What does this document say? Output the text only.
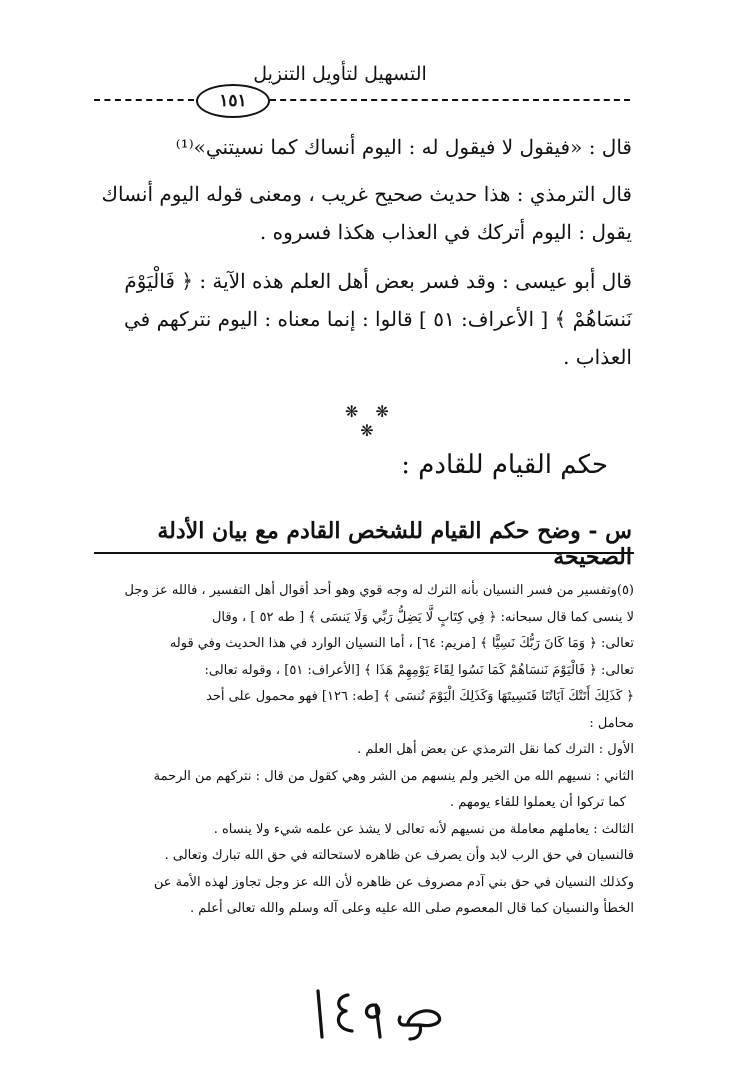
التسهيل لتأويل التنزيل
١٥١
قال : «فيقول لا فيقول له : اليوم أنساك كما نسيتني»⁽¹⁾
قال الترمذي : هذا حديث صحيح غريب ، ومعنى قوله اليوم أنساك يقول : اليوم أتركك في العذاب هكذا فسروه .
قال أبو عيسى : وقد فسر بعض أهل العلم هذه الآية : ﴿ فَالْيَوْمَ نَنسَاهُمْ ﴾ [ الأعراف: ٥١ ] قالوا : إنما معناه : اليوم نتركهم في العذاب .
❋ ❋ ❋
حكم القيام للقادم :
س - وضح حكم القيام للشخص القادم مع بيان الأدلة الصحيحة
(٥)وتفسير من فسر النسيان بأنه الترك له وجه قوي وهو أحد أقوال أهل التفسير ، فالله عز وجل
لا ينسى كما قال سبحانه: ﴿ فِي كِتَابٍ لَّا يَضِلُّ رَبِّي وَلَا يَنسَى ﴾ [ طه ٥٢ ] ، وقال
تعالى: ﴿ وَمَا كَانَ رَبُّكَ نَسِيًّا ﴾ [مريم: ٦٤] ، أما النسيان الوارد في هذا الحديث وفي قوله
تعالى: ﴿ فَالْيَوْمَ نَنسَاهُمْ كَمَا نَسُوا لِقَاءَ يَوْمِهِمْ هَذَا ﴾ [الأعراف: ٥١] ، وقوله تعالى:
﴿ كَذَلِكَ أَتَتْكَ آيَاتُنَا فَنَسِيتَهَا وَكَذَلِكَ الْيَوْمَ تُنسَى ﴾ [طه: ١٢٦] فهو محمول على أحد
محامل :
الأول : الترك كما نقل الترمذي عن بعض أهل العلم .
الثاني : نسيهم الله من الخير ولم ينسهم من الشر وهي كقول من قال : نتركهم من الرحمة
كما تركوا أن يعملوا للقاء يومهم .
الثالث : يعاملهم معاملة من نسيهم لأنه تعالى لا يشذ عن علمه شيء ولا ينساه .
فالنسيان في حق الرب لابد وأن يصرف عن ظاهره لاستحالته في حق الله تبارك وتعالى .
وكذلك النسيان في حق بني آدم مصروف عن ظاهره لأن الله عز وجل تجاوز لهذه الأمة عن
الخطأ والنسيان كما قال المعصوم صلى الله عليه وعلى آله وسلم والله تعالى أعلم .
